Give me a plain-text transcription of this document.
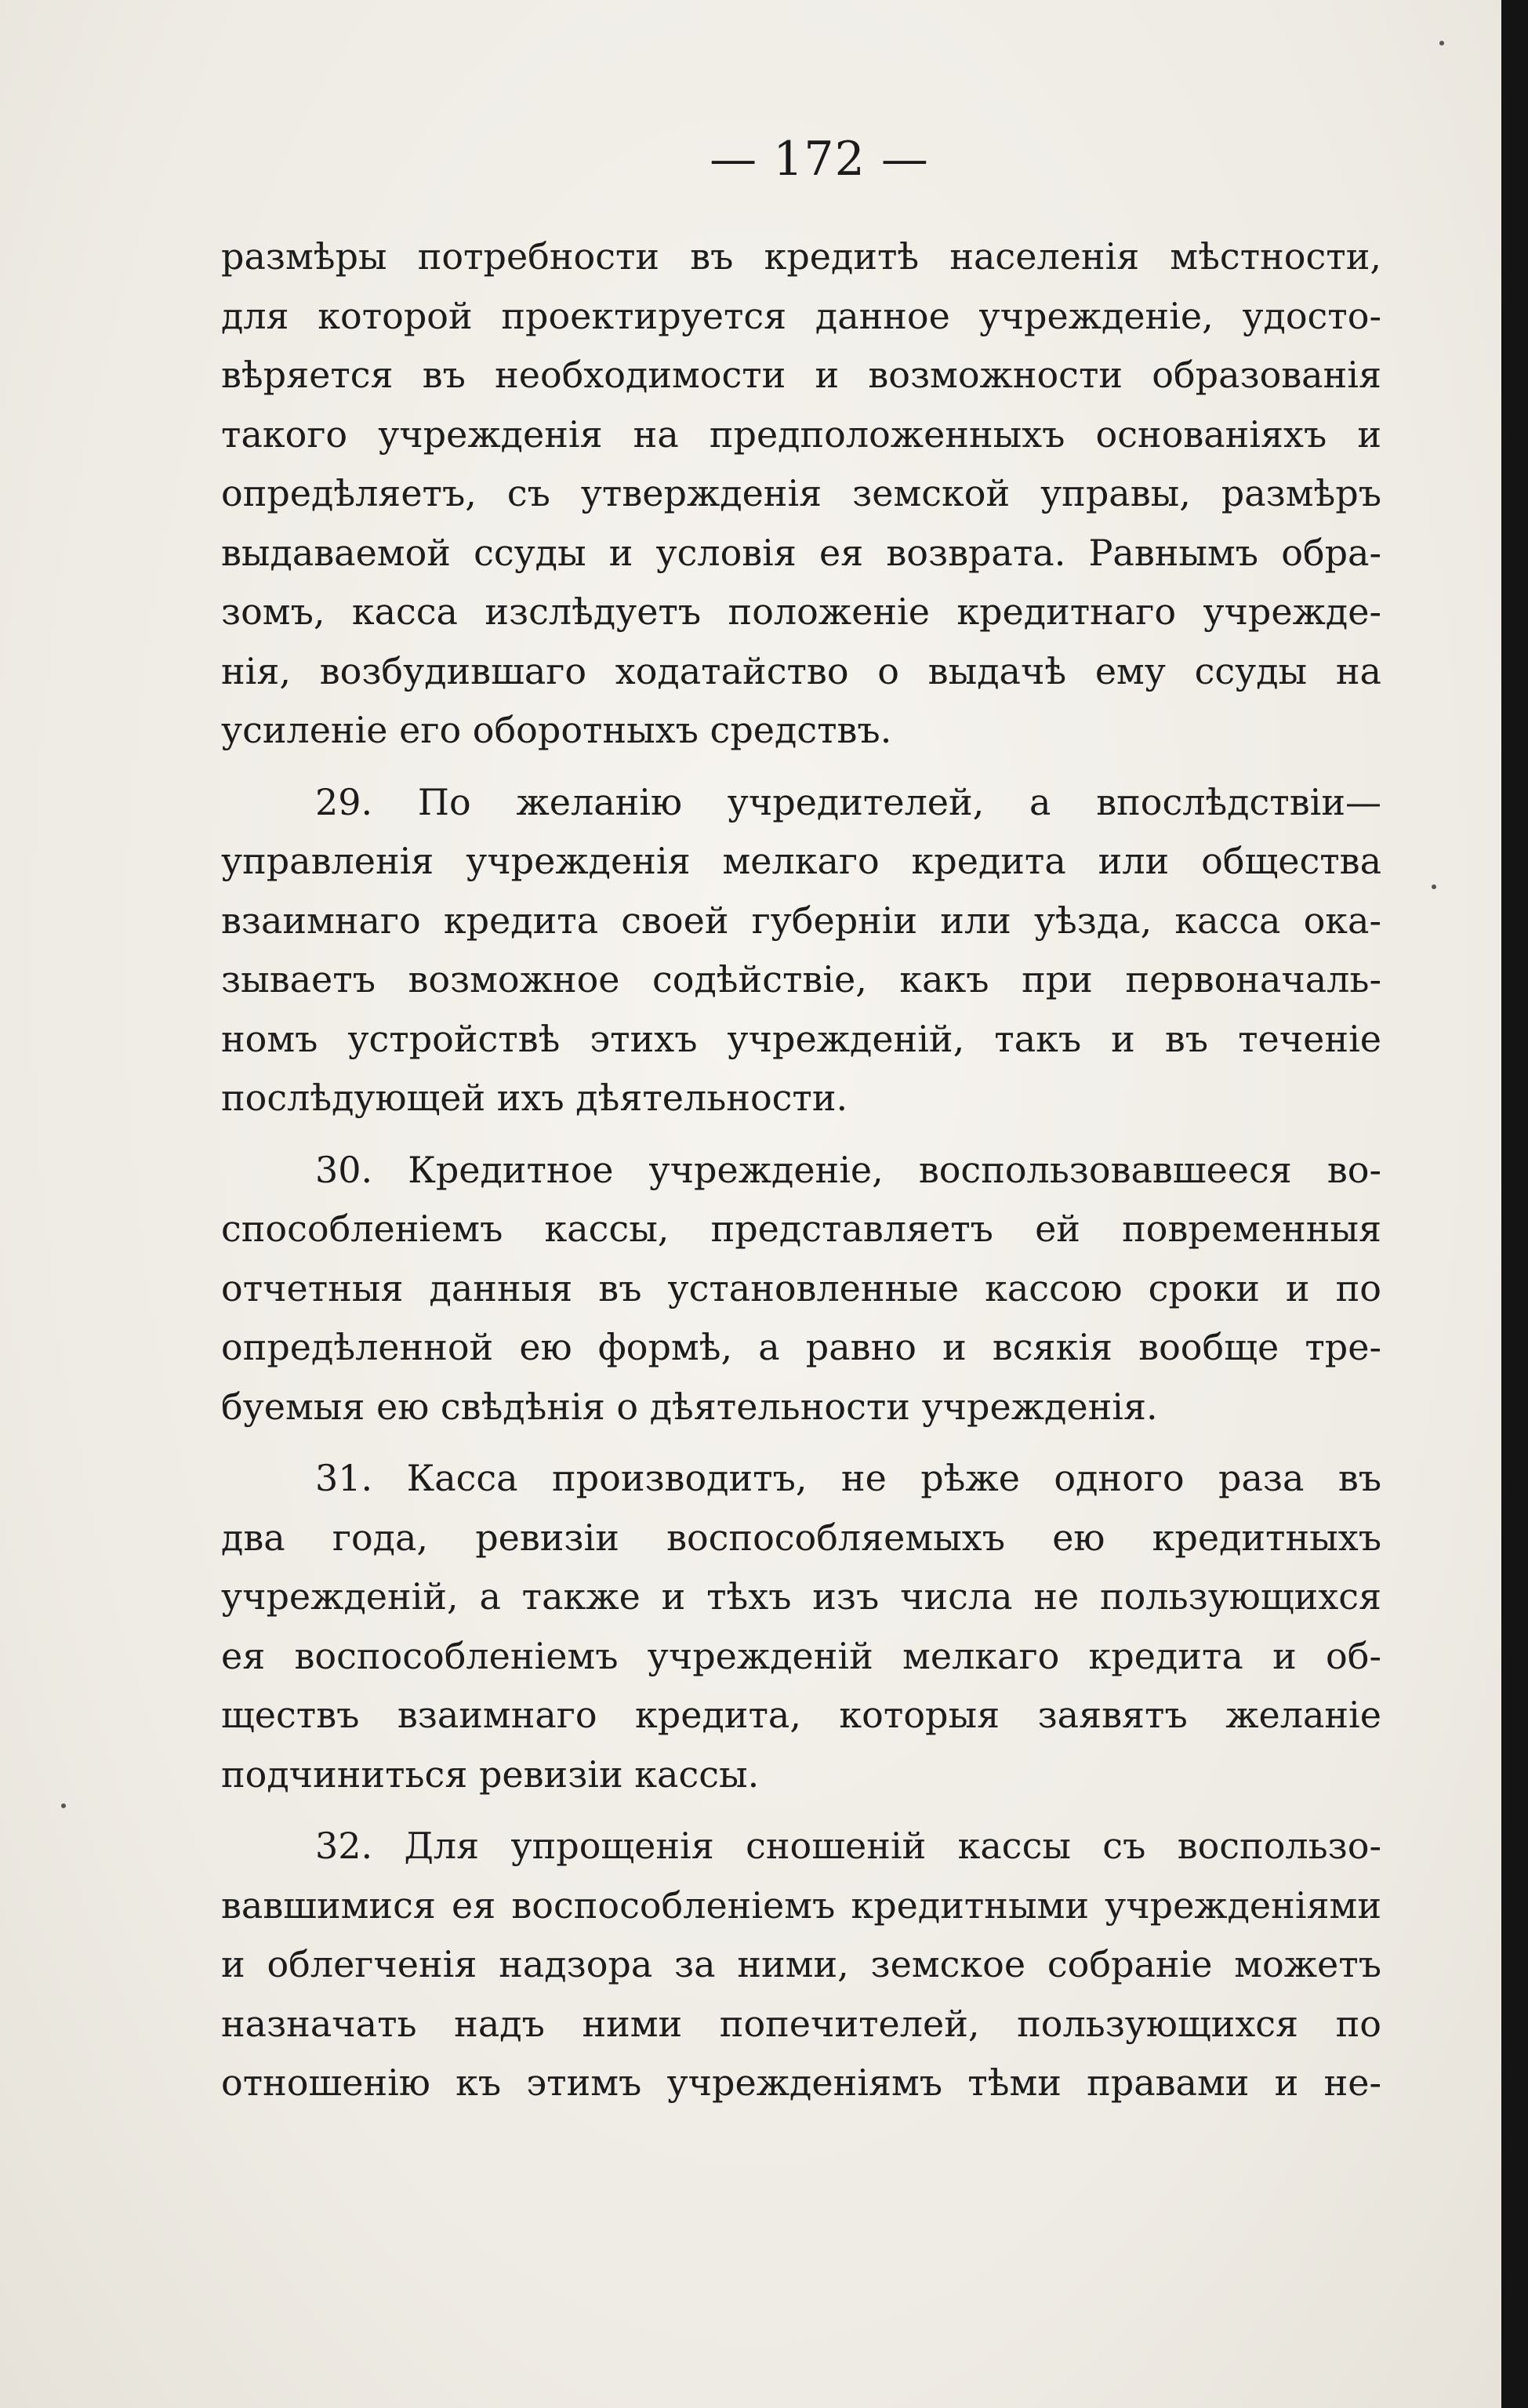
— 172 —
размѣры потребности въ кредитѣ населенія мѣстности,
для которой проектируется данное учрежденіе, удосто-
вѣряется въ необходимости и возможности образованія
такого учрежденія на предположенныхъ основаніяхъ и
опредѣляетъ, съ утвержденія земской управы, размѣръ
выдаваемой ссуды и условія ея возврата. Равнымъ обра-
зомъ, касса изслѣдуетъ положеніе кредитнаго учрежде-
нія, возбудившаго ходатайство о выдачѣ ему ссуды на
усиленіе его оборотныхъ средствъ.
29. По желанію учредителей, а впослѣдствіи—
управленія учрежденія мелкаго кредита или общества
взаимнаго кредита своей губерніи или уѣзда, касса ока-
зываетъ возможное содѣйствіе, какъ при первоначаль-
номъ устройствѣ этихъ учрежденій, такъ и въ теченіе
послѣдующей ихъ дѣятельности.
30. Кредитное учрежденіе, воспользовавшееся во-
способленіемъ кассы, представляетъ ей повременныя
отчетныя данныя въ установленные кассою сроки и по
опредѣленной ею формѣ, а равно и всякія вообще тре-
буемыя ею свѣдѣнія о дѣятельности учрежденія.
31. Касса производитъ, не рѣже одного раза въ
два года, ревизіи воспособляемыхъ ею кредитныхъ
учрежденій, а также и тѣхъ изъ числа не пользующихся
ея воспособленіемъ учрежденій мелкаго кредита и об-
ществъ взаимнаго кредита, которыя заявятъ желаніе
подчиниться ревизіи кассы.
32. Для упрощенія сношеній кассы съ воспользо-
вавшимися ея воспособленіемъ кредитными учрежденіями
и облегченія надзора за ними, земское собраніе можетъ
назначать надъ ними попечителей, пользующихся по
отношенію къ этимъ учрежденіямъ тѣми правами и не-
